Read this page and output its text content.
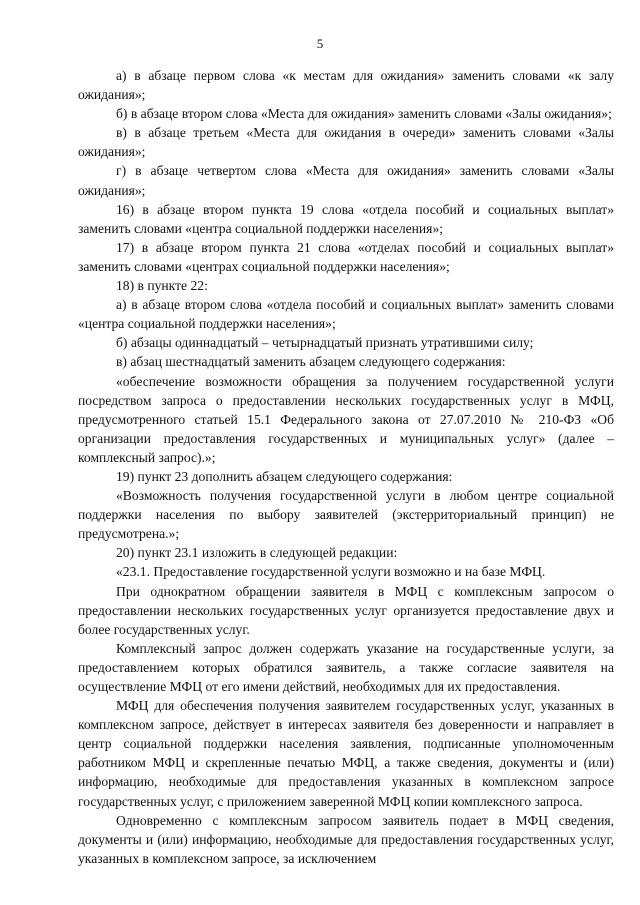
5

а) в абзаце первом слова «к местам для ожидания» заменить словами «к залу ожидания»;

б) в абзаце втором слова «Места для ожидания» заменить словами «Залы ожидания»;

в) в абзаце третьем «Места для ожидания в очереди» заменить словами «Залы ожидания»;

г) в абзаце четвертом слова «Места для ожидания» заменить словами «Залы ожидания»;

16) в абзаце втором пункта 19 слова «отдела пособий и социальных выплат» заменить словами «центра социальной поддержки населения»;

17) в абзаце втором пункта 21 слова «отделах пособий и социальных выплат» заменить словами «центрах социальной поддержки населения»;

18) в пункте 22:

а) в абзаце втором слова «отдела пособий и социальных выплат» заменить словами «центра социальной поддержки населения»;

б) абзацы одиннадцатый – четырнадцатый признать утратившими силу;

в) абзац шестнадцатый заменить абзацем следующего содержания:

«обеспечение возможности обращения за получением государственной услуги посредством запроса о предоставлении нескольких государственных услуг в МФЦ, предусмотренного статьей 15.1 Федерального закона от 27.07.2010 № 210-ФЗ «Об организации предоставления государственных и муниципальных услуг» (далее – комплексный запрос).»;

19) пункт 23 дополнить абзацем следующего содержания:

«Возможность получения государственной услуги в любом центре социальной поддержки населения по выбору заявителей (экстерриториальный принцип) не предусмотрена.»;

20) пункт 23.1 изложить в следующей редакции:

«23.1. Предоставление государственной услуги возможно и на базе МФЦ.

При однократном обращении заявителя в МФЦ с комплексным запросом о предоставлении нескольких государственных услуг организуется предоставление двух и более государственных услуг.

Комплексный запрос должен содержать указание на государственные услуги, за предоставлением которых обратился заявитель, а также согласие заявителя на осуществление МФЦ от его имени действий, необходимых для их предоставления.

МФЦ для обеспечения получения заявителем государственных услуг, указанных в комплексном запросе, действует в интересах заявителя без доверенности и направляет в центр социальной поддержки населения заявления, подписанные уполномоченным работником МФЦ и скрепленные печатью МФЦ, а также сведения, документы и (или) информацию, необходимые для предоставления указанных в комплексном запросе государственных услуг, с приложением заверенной МФЦ копии комплексного запроса.

Одновременно с комплексным запросом заявитель подает в МФЦ сведения, документы и (или) информацию, необходимые для предоставления государственных услуг, указанных в комплексном запросе, за исключением
